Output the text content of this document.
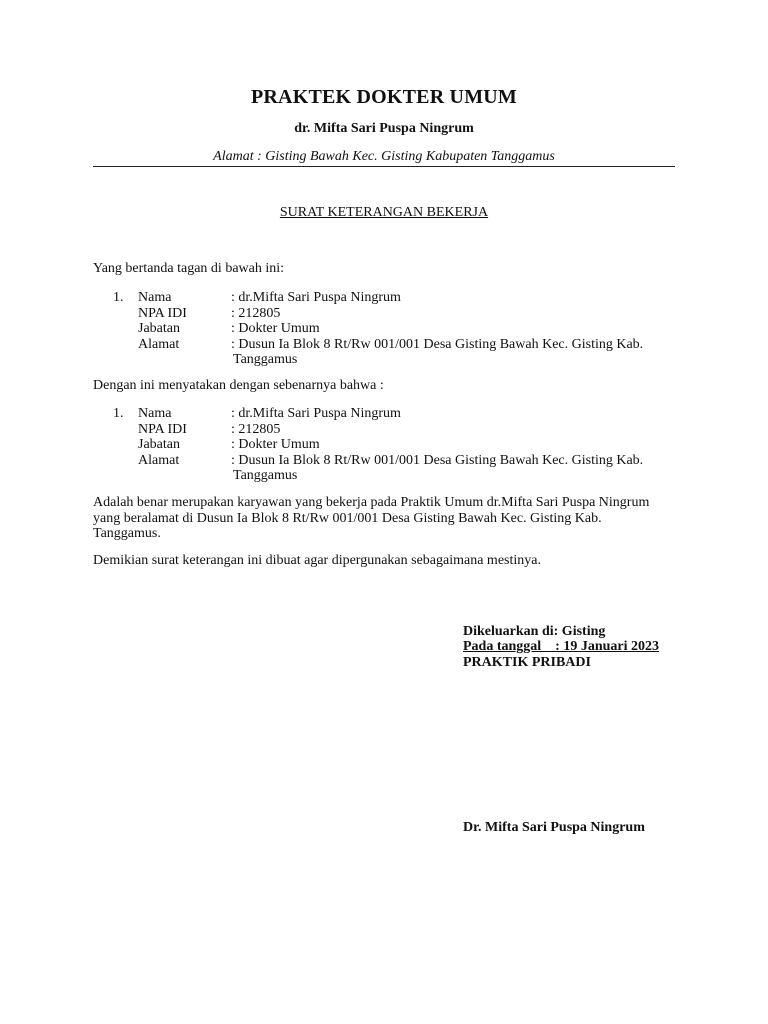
PRAKTEK DOKTER UMUM
dr. Mifta Sari Puspa Ningrum
Alamat : Gisting Bawah Kec. Gisting Kabupaten Tanggamus
SURAT KETERANGAN BEKERJA
Yang bertanda tagan di bawah ini:
1.	Nama	: dr.Mifta Sari Puspa Ningrum
NPA IDI	: 212805
Jabatan	: Dokter Umum
Alamat	: Dusun Ia Blok 8 Rt/Rw 001/001 Desa Gisting Bawah Kec. Gisting Kab.
Tanggamus
Dengan ini menyatakan dengan sebenarnya bahwa :
1.	Nama	: dr.Mifta Sari Puspa Ningrum
NPA IDI	: 212805
Jabatan	: Dokter Umum
Alamat	: Dusun Ia Blok 8 Rt/Rw 001/001 Desa Gisting Bawah Kec. Gisting Kab.
Tanggamus
Adalah benar merupakan karyawan yang bekerja pada Praktik Umum dr.Mifta Sari Puspa Ningrum
yang beralamat di Dusun Ia Blok 8 Rt/Rw 001/001 Desa Gisting Bawah Kec. Gisting Kab.
Tanggamus.
Demikian surat keterangan ini dibuat agar dipergunakan sebagaimana mestinya.
Dikeluarkan di: Gisting
Pada tanggal    : 19 Januari 2023
PRAKTIK PRIBADI
Dr. Mifta Sari Puspa Ningrum
